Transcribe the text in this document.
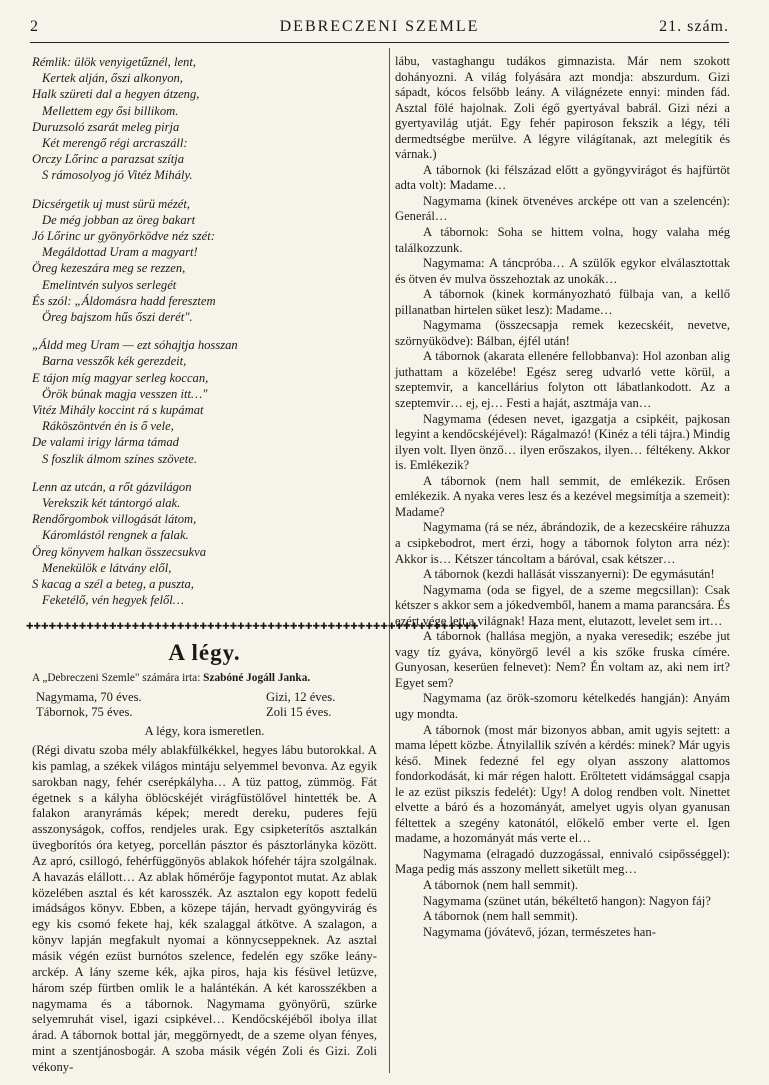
2	DEBRECZENI SZEMLE	21. szám.
Rémlik: ülök venyigetűznél, lent,
Kertek alján, őszi alkonyon,
Halk szüreti dal a hegyen átzeng,
Mellettem egy ősi billikom.
Duruzsoló zsarát meleg pirja
Két merengő régi arcraszáll:
Orczy Lőrinc a parazsat szítja
S rámosolyog jó Vitéz Mihály.
Dicsérgetik uj must sürü mézét,
De még jobban az öreg bakart
Jó Lőrinc ur gyönyörködve néz szét:
Megáldottad Uram a magyart!
Öreg kezeszára meg se rezzen,
Emelintvén sulyos serlegét
És szól: „Áldomásra hadd feresztem
Öreg bajszom hűs őszi derét".
„Áldd meg Uram — ezt sóhajtja hosszan
Barna vesszők kék gerezdeit,
E tájon míg magyar serleg koccan,
Örök búnak magja vesszen itt…"
Vitéz Mihály koccint rá s kupámat
Ráköszöntvén én is ő vele,
De valami irigy lárma támad
S foszlik álmom színes szövete.
Lenn az utcán, a rőt gázvilágon
Verekszik két tántorgó alak.
Rendőrgombok villogását látom,
Káromlástól rengnek a falak.
Öreg könyvem halkan összecsukva
Menekülök e látvány elől,
S kacag a szél a beteg, a puszta,
Feketélő, vén hegyek felől…
✚✚✚✚✚✚✚✚✚✚✚✚✚✚✚✚✚✚✚✚✚✚✚✚✚✚✚✚✚✚✚✚✚✚✚✚✚✚✚✚✚✚✚✚✚✚✚✚✚✚✚✚✚✚✚✚✚✚✚✚
A légy.
A „Debreczeni Szemle" számára irta: Szabóné Jogáll Janka.
Nagymama, 70 éves.	Gizi, 12 éves.
Tábornok, 75 éves.	Zoli 15 éves.
A légy, kora ismeretlen.

(Régi divatu szoba mély ablakfülkékkel, hegyes lábu butorokkal. A kis pamlag, a székek világos mintáju selyemmel bevonva. Az egyik sarokban nagy, fehér cserépkályha… A tüz pattog, zümmög. Fát égetnek s a kályha öblöcskéjét virágfüstölővel hintették be. A falakon aranyrámás képek; meredt dereku, puderes fejü asszonyságok, coffos, rendjeles urak. Egy csipketerítős asztalkán üvegborítós óra ketyeg, porcellán pásztor és pásztorlányka között. Az apró, csillogó, fehérfüggönyös ablakok hófehér tájra szolgálnak. A havazás elállott… Az ablak hőmérője fagypontot mutat. Az ablak közelében asztal és két karosszék. Az asztalon egy kopott fedelü imádságos könyv. Ebben, a közepe táján, hervadt gyöngyvirág és egy kis csomó fekete haj, kék szalaggal átkötve. A szalagon, a könyv lapján megfakult nyomai a könnycseppeknek. Az asztal másik végén ezüst burnótos szelence, fedelén egy szőke leány-arckép. A lány szeme kék, ajka piros, haja kis fésüvel letüzve, három szép fürtben omlik le a halántékán. A két karosszékben a nagymama és a tábornok. Nagymama gyönyörü, szürke selyemruhát visel, igazi csipkével… Kendőcskéjéből ibolya illat árad. A tábornok bottal jár, meggörnyedt, de a szeme olyan fényes, mint a szentjánosbogár. A szoba másik végén Zoli és Gizi. Zoli vékony-

lábu, vastaghangu tudákos gimnazista. Már nem szokott dohányozni. A világ folyására azt mondja: abszurdum. Gizi sápadt, kócos felsőbb leány. A világnézete ennyi: minden fád. Asztal fölé hajolnak. Zoli égő gyertyával babrál. Gizi nézi a gyertyavilág utját. Egy fehér papiroson fekszik a légy, téli dermedtségbe merülve. A légyre világítanak, azt melegítik és várnak.)

A tábornok (ki félszázad előtt a gyöngyvirágot és hajfürtöt adta volt): Madame…

Nagymama (kinek ötvenéves arcképe ott van a szelencén): Generál…

A tábornok: Soha se hittem volna, hogy valaha még találkozzunk.

Nagymama: A táncpróba… A szülők egykor elválasztottak és ötven év mulva összehoztak az unokák…

A tábornok (kinek kormányozható fülbaja van, a kellő pillanatban hirtelen süket lesz): Madame…

Nagymama (összecsapja remek kezecskéit, nevetve, szörnyüködve): Bálban, éjfél után!

A tábornok (akarata ellenére fellobbanva): Hol azonban alig juthattam a közelébe! Egész sereg udvarló vette körül, a szeptemvir, a kancellárius folyton ott lábatlankodott. Az a szeptemvir… ej, ej… Festi a haját, asztmája van…

Nagymama (édesen nevet, igazgatja a csipkéit, pajkosan legyint a kendőcskéjével): Rágalmazó! (Kinéz a téli tájra.) Mindig ilyen volt. Ilyen önző… ilyen erőszakos, ilyen… féltékeny. Akkor is. Emlékezik?

A tábornok (nem hall semmit, de emlékezik. Erősen emlékezik. A nyaka veres lesz és a kezével megsimítja a szemeit): Madame?

Nagymama (rá se néz, ábrándozik, de a kezecskéire ráhuzza a csipkebodrot, mert érzi, hogy a tábornok folyton arra néz): Akkor is… Kétszer táncoltam a báróval, csak kétszer…

A tábornok (kezdi hallását visszanyerni): De egymásután!

Nagymama (oda se figyel, de a szeme megcsillan): Csak kétszer s akkor sem a jókedvemből, hanem a mama parancsára. És ezért vége lett a világnak! Haza ment, elutazott, levelet sem irt…

A tábornok (hallása megjön, a nyaka veresedik; eszébe jut vagy tíz gyáva, könyörgő levél a kis szőke fruska címére. Gunyosan, keserüen felnevet): Nem? Én voltam az, aki nem irt? Egyet sem?

Nagymama (az örök-szomoru kételkedés hangján): Anyám ugy mondta.

A tábornok (most már bizonyos abban, amit ugyis sejtett: a mama lépett közbe. Átnyilallik szívén a kérdés: minek? Már ugyis késő. Minek fedezné fel egy olyan asszony alattomos fondorkodását, ki már régen halott. Erőltetett vidámsággal csapja le az ezüst pikszis fedelét): Ugy! A dolog rendben volt. Ninettet elvette a báró és a hozományát, amelyet ugyis olyan gyanusan féltettek a szegény katonától, előkelő ember verte el. Igen madame, a hozományát más verte el…

Nagymama (elragadó duzzogással, ennivaló csipősséggel): Maga pedig más asszony mellett siketült meg…

A tábornok (nem hall semmit).

Nagymama (szünet után, békéltető hangon): Nagyon fáj?

A tábornok (nem hall semmit).

Nagymama (jóvátevő, józan, természetes han-
